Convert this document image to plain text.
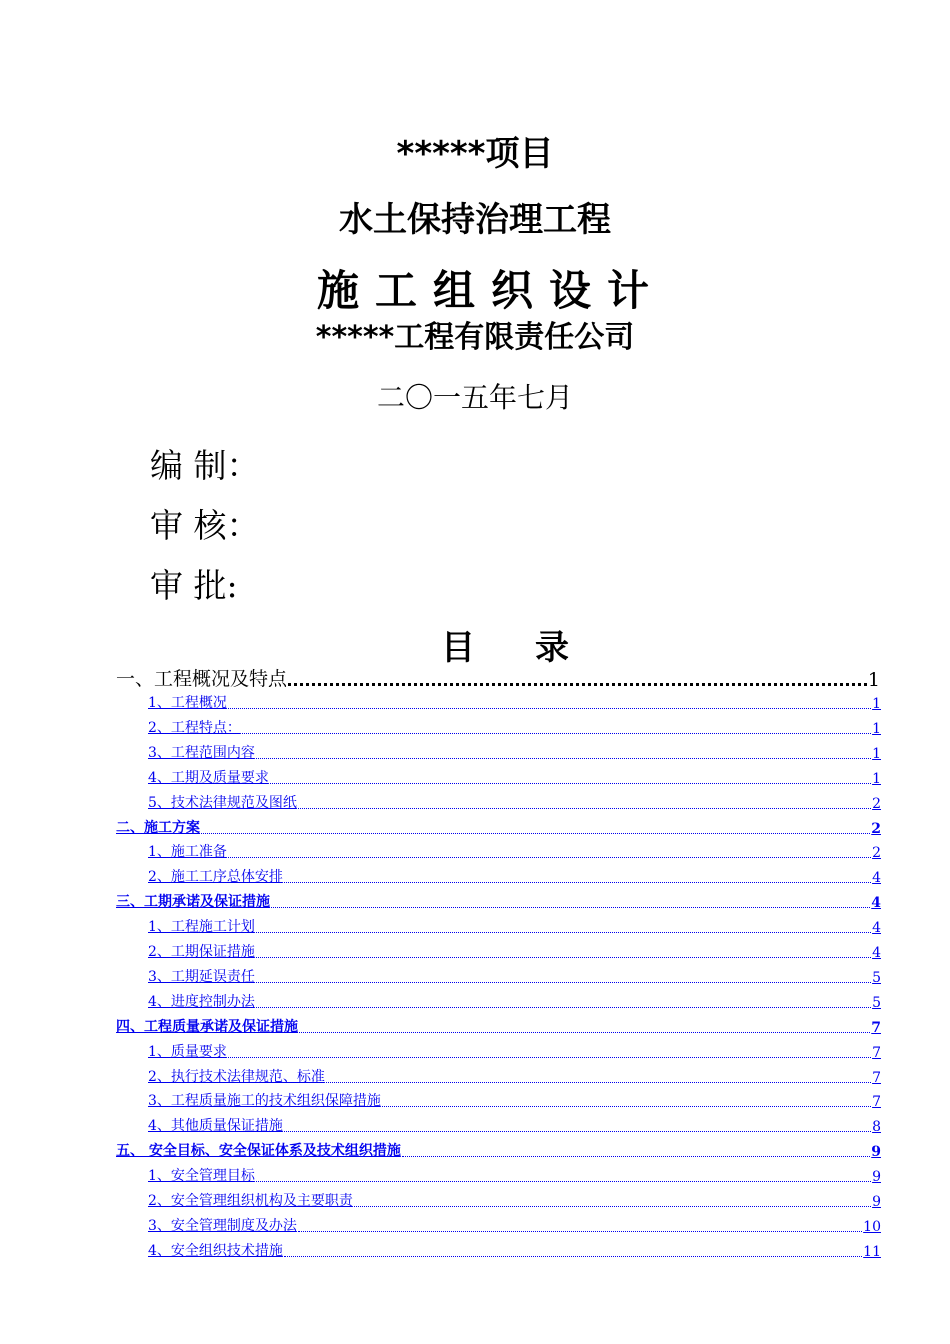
*****项目
水土保持治理工程
施工组织设计
*****工程有限责任公司
二〇一五年七月
编 制：
审 核：
审 批:
目录
一、工程概况及特点	1
1、工程概况	1
2、工程特点：	1
3、工程范围内容	1
4、工期及质量要求	1
5、技术法律规范及图纸	2
二、施工方案	2
1、施工准备	2
2、施工工序总体安排	4
三、工期承诺及保证措施	4
1、工程施工计划	4
2、工期保证措施	4
3、工期延误责任	5
4、进度控制办法	5
四、工程质量承诺及保证措施	7
1、质量要求	7
2、执行技术法律规范、标准	7
3、工程质量施工的技术组织保障措施	7
4、其他质量保证措施	8
五、 安全目标、安全保证体系及技术组织措施	9
1、安全管理目标	9
2、安全管理组织机构及主要职责	9
3、安全管理制度及办法	10
4、安全组织技术措施	11
